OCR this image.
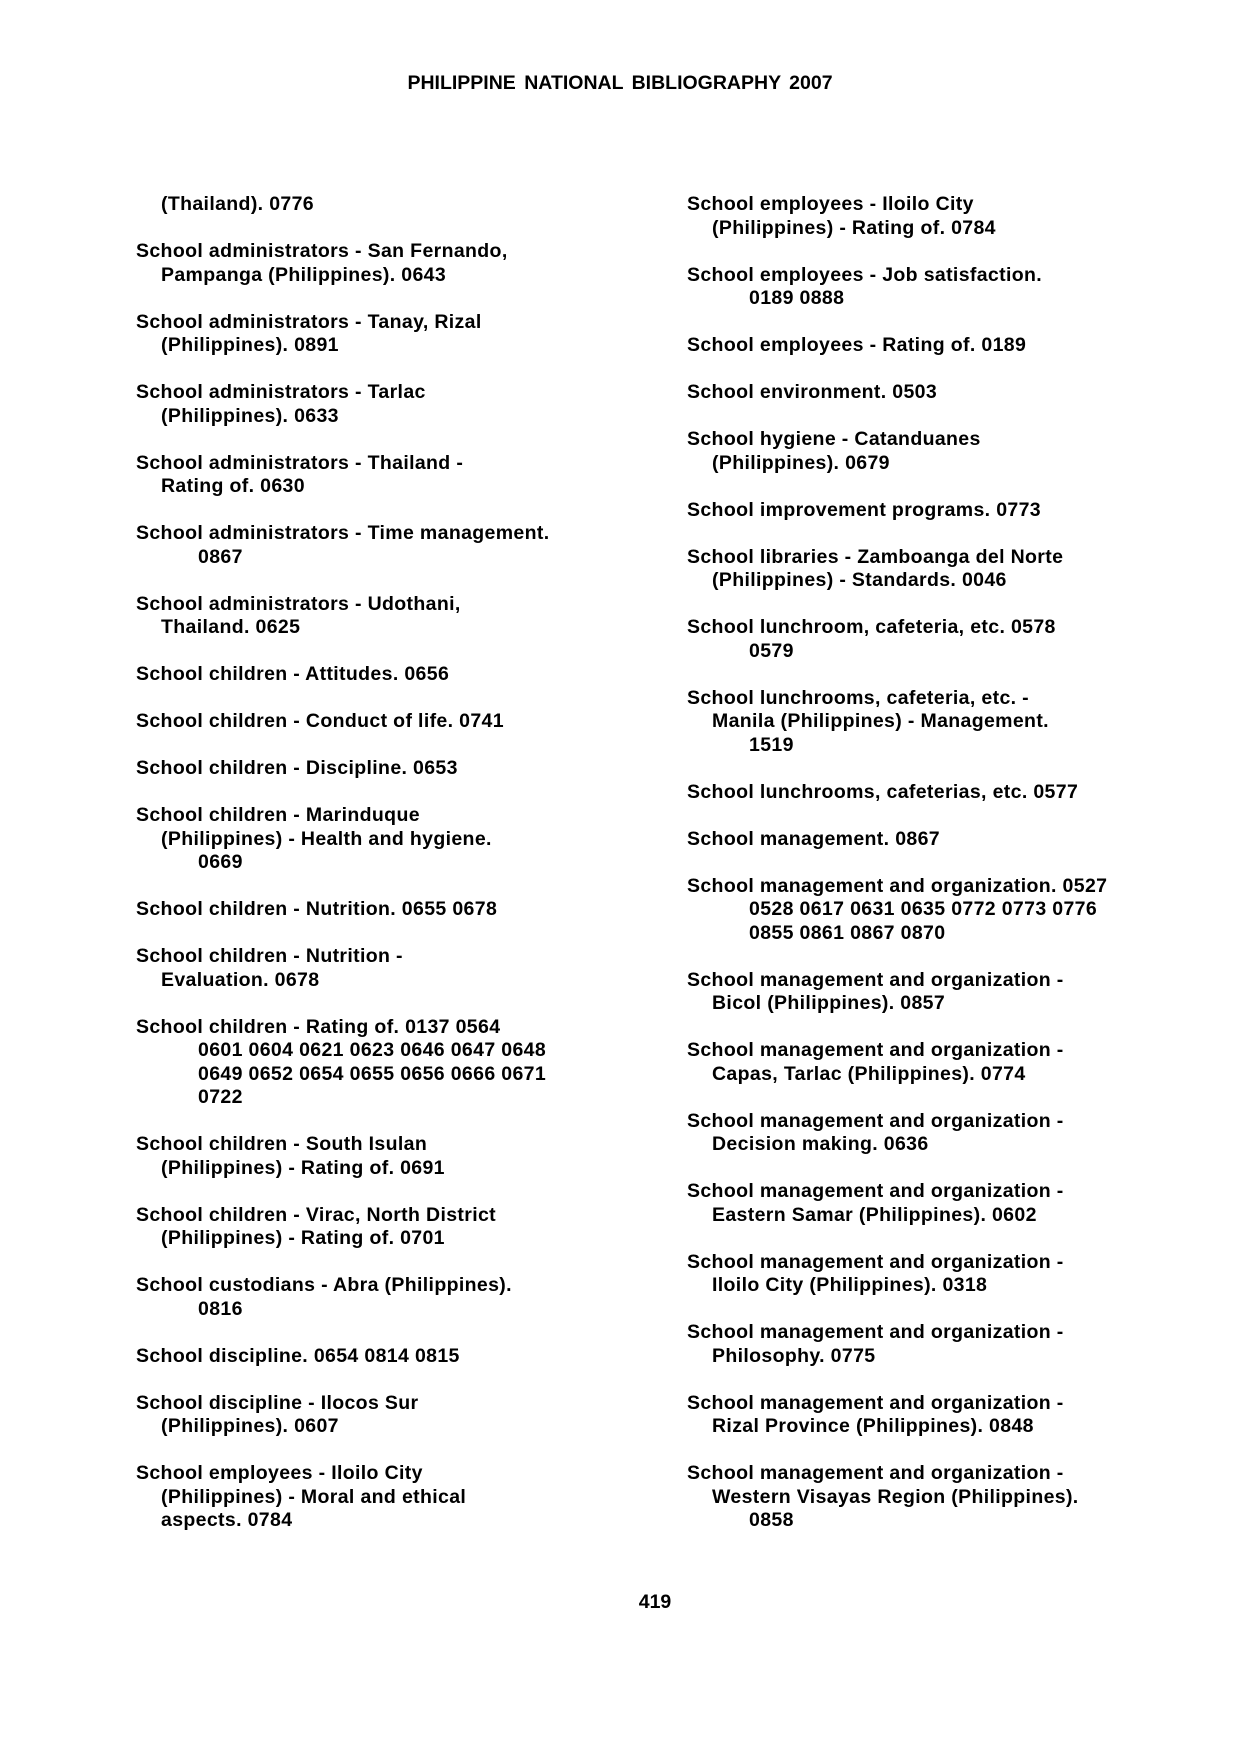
PHILIPPINE NATIONAL BIBLIOGRAPHY 2007
(Thailand). 0776
School administrators - San Fernando,
Pampanga (Philippines). 0643
School administrators - Tanay, Rizal
(Philippines). 0891
School administrators - Tarlac
(Philippines). 0633
School administrators - Thailand -
Rating of. 0630
School administrators - Time management.
0867
School administrators - Udothani,
Thailand. 0625
School children - Attitudes. 0656
School children - Conduct of life. 0741
School children - Discipline. 0653
School children - Marinduque
(Philippines) - Health and hygiene.
0669
School children - Nutrition. 0655 0678
School children - Nutrition -
Evaluation. 0678
School children - Rating of. 0137 0564
0601 0604 0621 0623 0646 0647 0648
0649 0652 0654 0655 0656 0666 0671
0722
School children - South Isulan
(Philippines) - Rating of. 0691
School children - Virac, North District
(Philippines) - Rating of. 0701
School custodians - Abra (Philippines).
0816
School discipline. 0654 0814 0815
School discipline - Ilocos Sur
(Philippines). 0607
School employees - Iloilo City
(Philippines) - Moral and ethical
aspects. 0784
School employees - Iloilo City
(Philippines) - Rating of. 0784
School employees - Job satisfaction.
0189 0888
School employees - Rating of. 0189
School environment. 0503
School hygiene - Catanduanes
(Philippines). 0679
School improvement programs. 0773
School libraries - Zamboanga del Norte
(Philippines) - Standards. 0046
School lunchroom, cafeteria, etc. 0578
0579
School lunchrooms, cafeteria, etc. -
Manila (Philippines) - Management.
1519
School lunchrooms, cafeterias, etc. 0577
School management. 0867
School management and organization. 0527
0528 0617 0631 0635 0772 0773 0776
0855 0861 0867 0870
School management and organization -
Bicol (Philippines). 0857
School management and organization -
Capas, Tarlac (Philippines). 0774
School management and organization -
Decision making. 0636
School management and organization -
Eastern Samar (Philippines). 0602
School management and organization -
Iloilo City (Philippines). 0318
School management and organization -
Philosophy. 0775
School management and organization -
Rizal Province (Philippines). 0848
School management and organization -
Western Visayas Region (Philippines).
0858
419
